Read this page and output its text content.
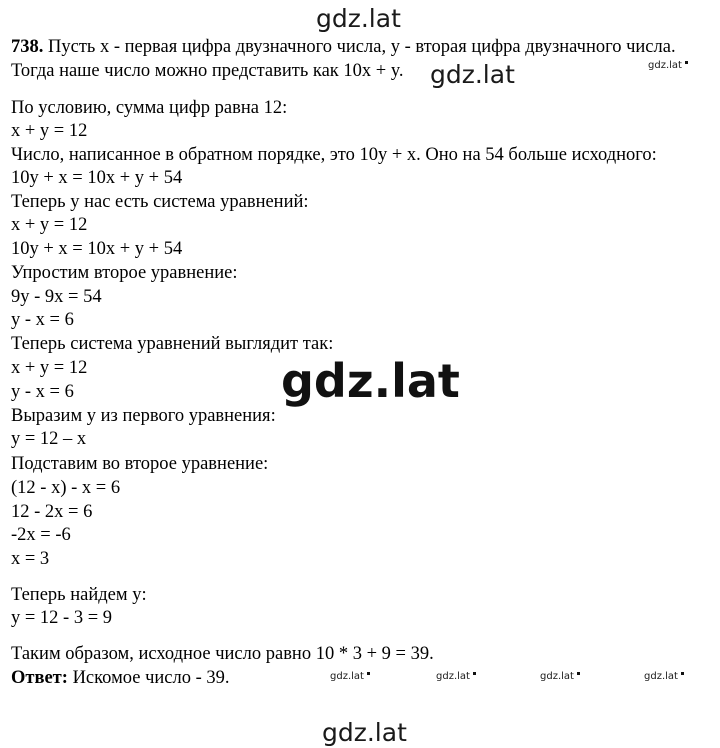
gdz.lat
738. Пусть x - первая цифра двузначного числа, y - вторая цифра двузначного числа.
Тогда наше число можно представить как 10x + y. gdz.lat	gdz.lat
По условию, сумма цифр равна 12:
x + y = 12
Число, написанное в обратном порядке, это 10y + x. Оно на 54 больше исходного:
10y + x = 10x + y + 54
Теперь у нас есть система уравнений:
x + y = 12
10y + x = 10x + y + 54
Упростим второе уравнение:
9y - 9x = 54
y - x = 6
Теперь система уравнений выглядит так:
x + y = 12
y - x = 6
Выразим y из первого уравнения:
y = 12 – x
Подставим во второе уравнение:
(12 - x) - x = 6
12 - 2x = 6
-2x = -6
x = 3
Теперь найдем y:
y = 12 - 3 = 9
Таким образом, исходное число равно 10 * 3 + 9 = 39.
Ответ: Искомое число - 39.
gdz.lat
gdz.lat	gdz.lat	gdz.lat	gdz.lat
gdz.lat
